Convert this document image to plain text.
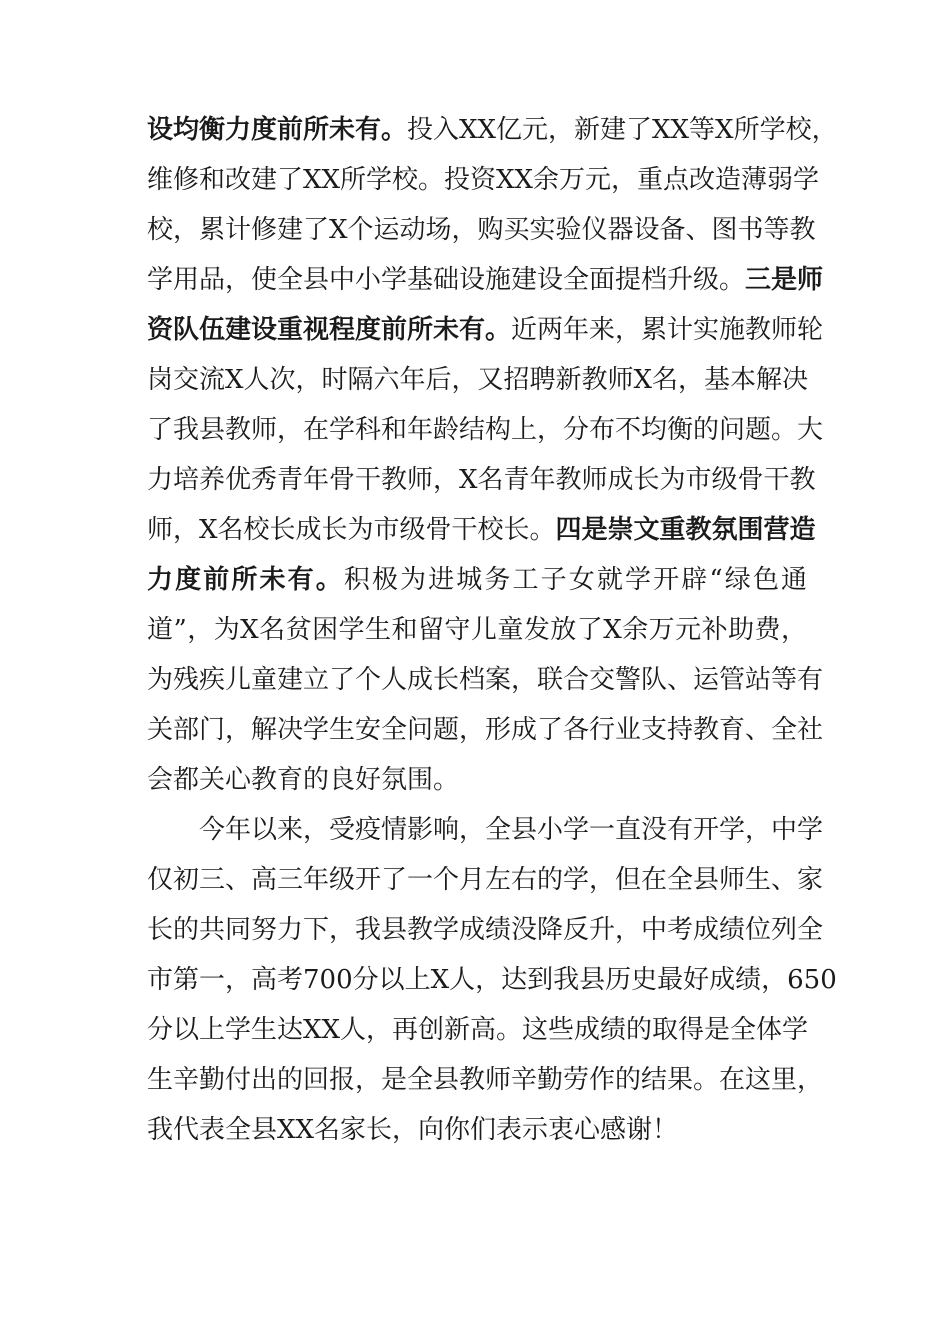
设均衡力度前所未有。投入XX亿元，新建了XX等X所学校，
维修和改建了XX所学校。投资XX余万元，重点改造薄弱学
校，累计修建了X个运动场，购买实验仪器设备、图书等教
学用品，使全县中小学基础设施建设全面提档升级。三是师
资队伍建设重视程度前所未有。近两年来，累计实施教师轮
岗交流X人次，时隔六年后，又招聘新教师X名，基本解决
了我县教师，在学科和年龄结构上，分布不均衡的问题。大
力培养优秀青年骨干教师，X名青年教师成长为市级骨干教
师，X名校长成长为市级骨干校长。四是崇文重教氛围营造
力度前所未有。积极为进城务工子女就学开辟“绿色通
道”，为X名贫困学生和留守儿童发放了X余万元补助费，
为残疾儿童建立了个人成长档案，联合交警队、运管站等有
关部门，解决学生安全问题，形成了各行业支持教育、全社
会都关心教育的良好氛围。
今年以来，受疫情影响，全县小学一直没有开学，中学
仅初三、高三年级开了一个月左右的学，但在全县师生、家
长的共同努力下，我县教学成绩没降反升，中考成绩位列全
市第一，高考700分以上X人，达到我县历史最好成绩，650
分以上学生达XX人，再创新高。这些成绩的取得是全体学
生辛勤付出的回报，是全县教师辛勤劳作的结果。在这里，
我代表全县XX名家长，向你们表示衷心感谢！
